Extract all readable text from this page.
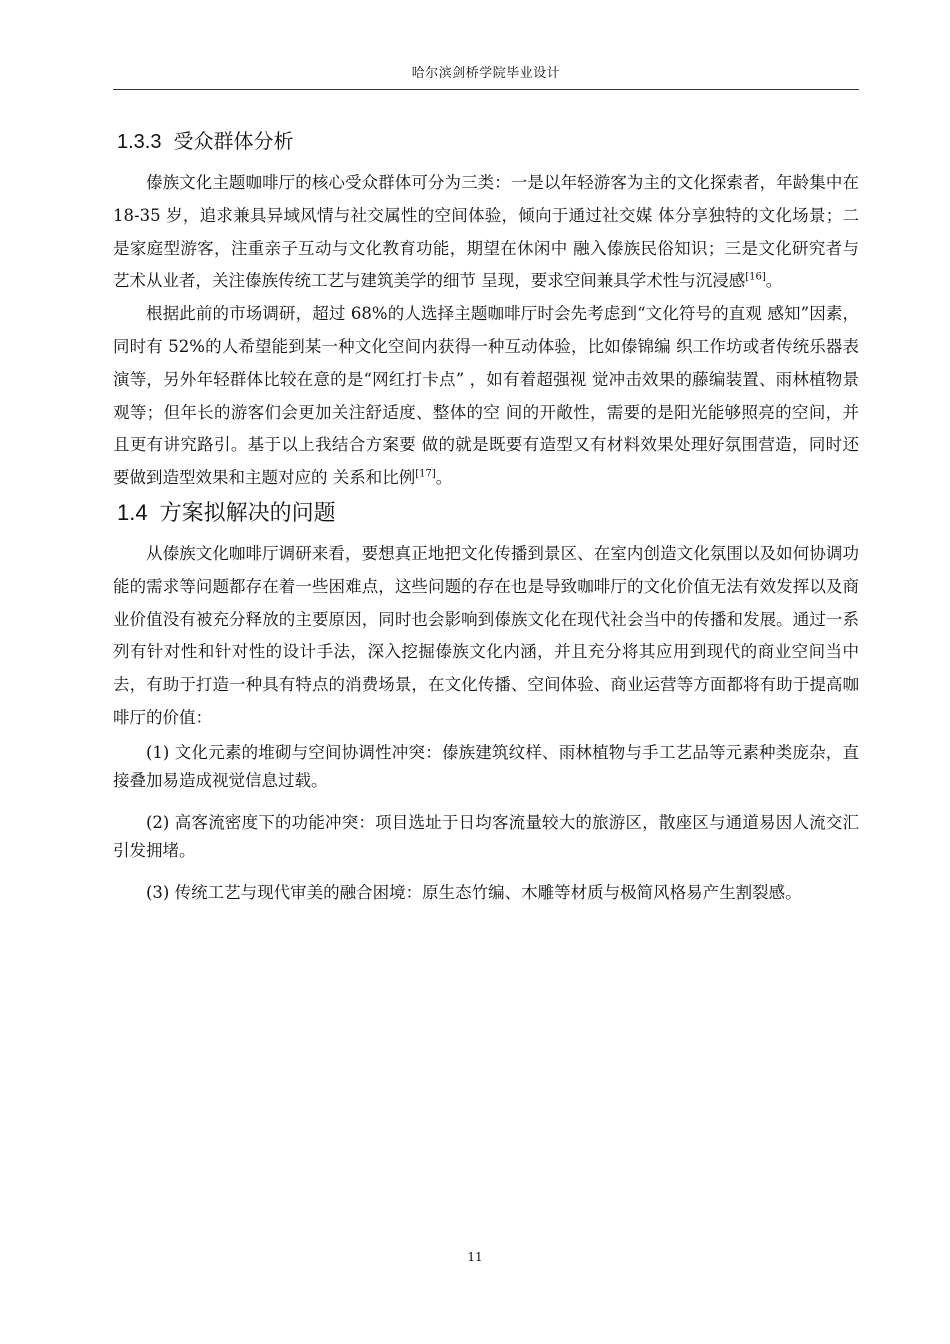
哈尔滨剑桥学院毕业设计
1.3.3 受众群体分析

傣族文化主题咖啡厅的核心受众群体可分为三类：一是以年轻游客为主的文化探索者，年龄集中在 18-35 岁，追求兼具异域风情与社交属性的空间体验，倾向于通过社交媒 体分享独特的文化场景；二是家庭型游客，注重亲子互动与文化教育功能，期望在休闲中 融入傣族民俗知识；三是文化研究者与艺术从业者，关注傣族传统工艺与建筑美学的细节 呈现，要求空间兼具学术性与沉浸感[16]。

根据此前的市场调研，超过 68%的人选择主题咖啡厅时会先考虑到“文化符号的直观 感知”因素，同时有 52%的人希望能到某一种文化空间内获得一种互动体验，比如傣锦编 织工作坊或者传统乐器表演等，另外年轻群体比较在意的是“网红打卡点” ，如有着超强视 觉冲击效果的藤编装置、雨林植物景观等；但年长的游客们会更加关注舒适度、整体的空 间的开敞性，需要的是阳光能够照亮的空间，并且更有讲究路引。基于以上我结合方案要 做的就是既要有造型又有材料效果处理好氛围营造，同时还要做到造型效果和主题对应的 关系和比例[17]。

1.4 方案拟解决的问题

从傣族文化咖啡厅调研来看，要想真正地把文化传播到景区、在室内创造文化氛围以及如何协调功能的需求等问题都存在着一些困难点，这些问题的存在也是导致咖啡厅的文化价值无法有效发挥以及商业价值没有被充分释放的主要原因，同时也会影响到傣族文化在现代社会当中的传播和发展。通过一系列有针对性和针对性的设计手法，深入挖掘傣族文化内涵，并且充分将其应用到现代的商业空间当中去，有助于打造一种具有特点的消费场景，在文化传播、空间体验、商业运营等方面都将有助于提高咖啡厅的价值：

(1) 文化元素的堆砌与空间协调性冲突：傣族建筑纹样、雨林植物与手工艺品等元素种类庞杂，直接叠加易造成视觉信息过载。

(2) 高客流密度下的功能冲突：项目选址于日均客流量较大的旅游区，散座区与通道易因人流交汇引发拥堵。

(3) 传统工艺与现代审美的融合困境：原生态竹编、木雕等材质与极简风格易产生割裂感。

11
